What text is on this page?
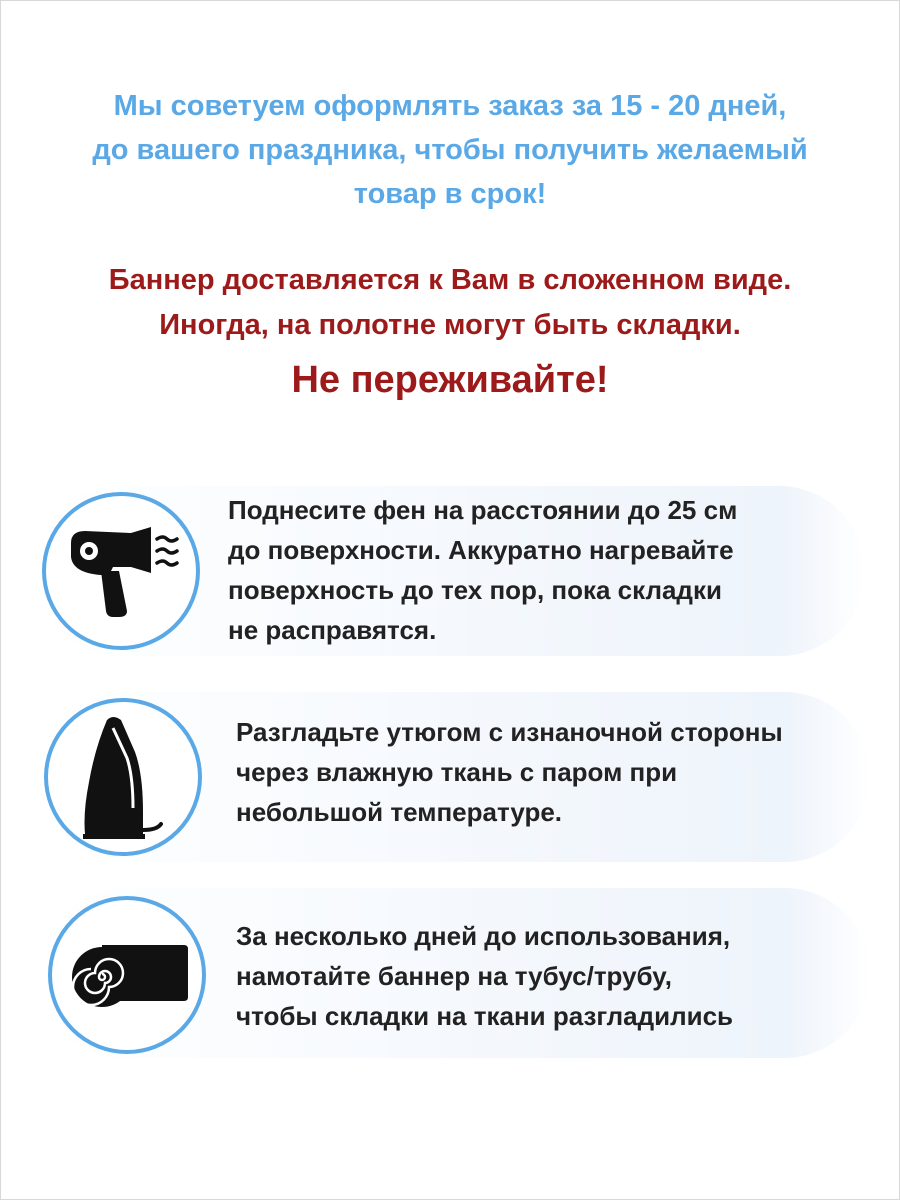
Мы советуем оформлять заказ за 15 - 20 дней,
до вашего праздника, чтобы получить желаемый
товар в срок!
Баннер доставляется к Вам в сложенном виде.
Иногда, на полотне могут быть складки.
Не переживайте!
Поднесите фен на расстоянии до 25 см
до поверхности. Аккуратно нагревайте
поверхность до тех пор, пока складки
не расправятся.
Разгладьте утюгом с изнаночной стороны
через влажную ткань с паром при
небольшой температуре.
За несколько дней до использования,
намотайте баннер на тубус/трубу,
чтобы складки на ткани разгладились
